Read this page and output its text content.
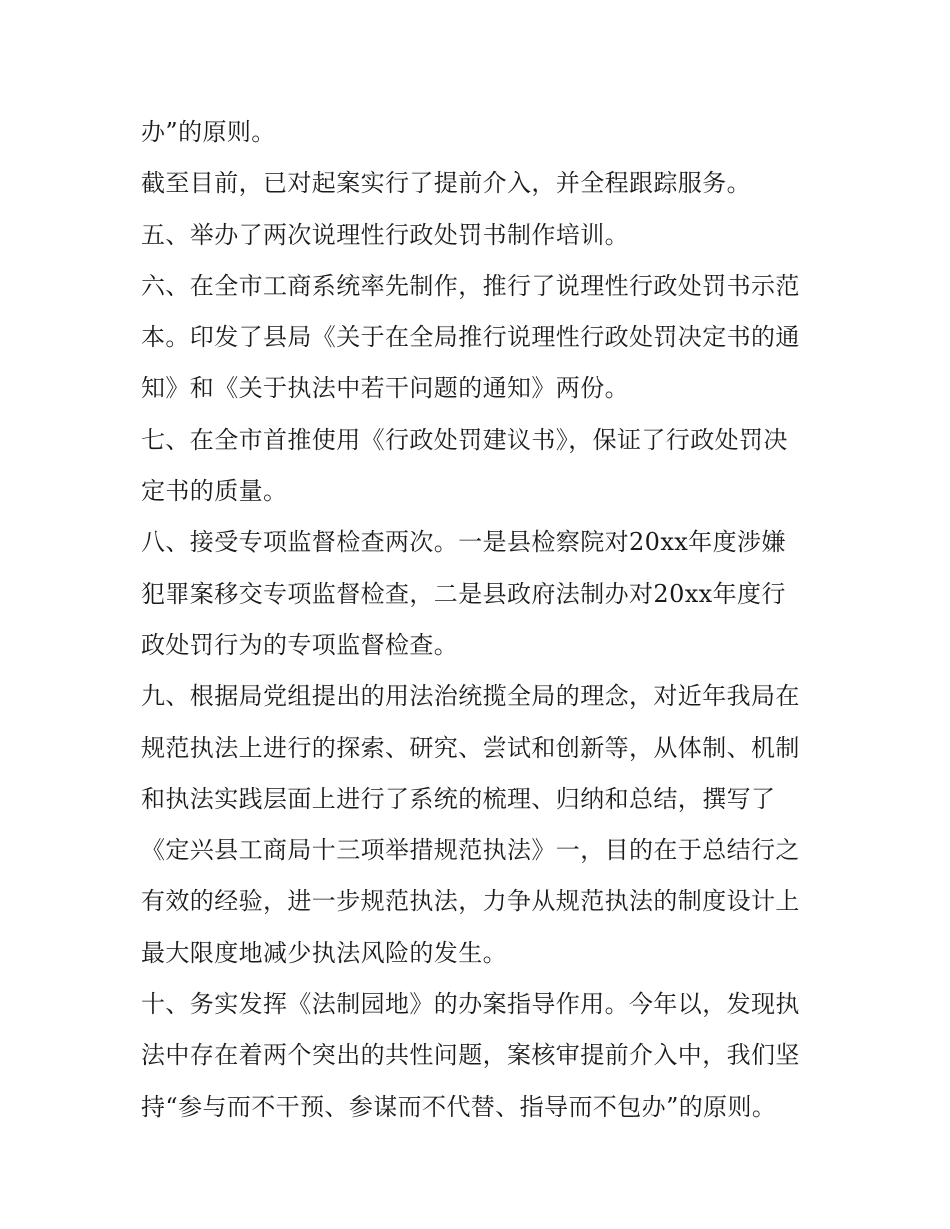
办”的原则。
截至目前，已对起案实行了提前介入，并全程跟踪服务。
五、举办了两次说理性行政处罚书制作培训。
六、在全市工商系统率先制作，推行了说理性行政处罚书示范
本。印发了县局《关于在全局推行说理性行政处罚决定书的通
知》和《关于执法中若干问题的通知》两份。
七、在全市首推使用《行政处罚建议书》，保证了行政处罚决
定书的质量。
八、接受专项监督检查两次。一是县检察院对20xx年度涉嫌
犯罪案移交专项监督检查，二是县政府法制办对20xx年度行
政处罚行为的专项监督检查。
九、根据局党组提出的用法治统揽全局的理念，对近年我局在
规范执法上进行的探索、研究、尝试和创新等，从体制、机制
和执法实践层面上进行了系统的梳理、归纳和总结，撰写了
《定兴县工商局十三项举措规范执法》一，目的在于总结行之
有效的经验，进一步规范执法，力争从规范执法的制度设计上
最大限度地减少执法风险的发生。
十、务实发挥《法制园地》的办案指导作用。今年以，发现执
法中存在着两个突出的共性问题，案核审提前介入中，我们坚
持“参与而不干预、参谋而不代替、指导而不包办”的原则。
